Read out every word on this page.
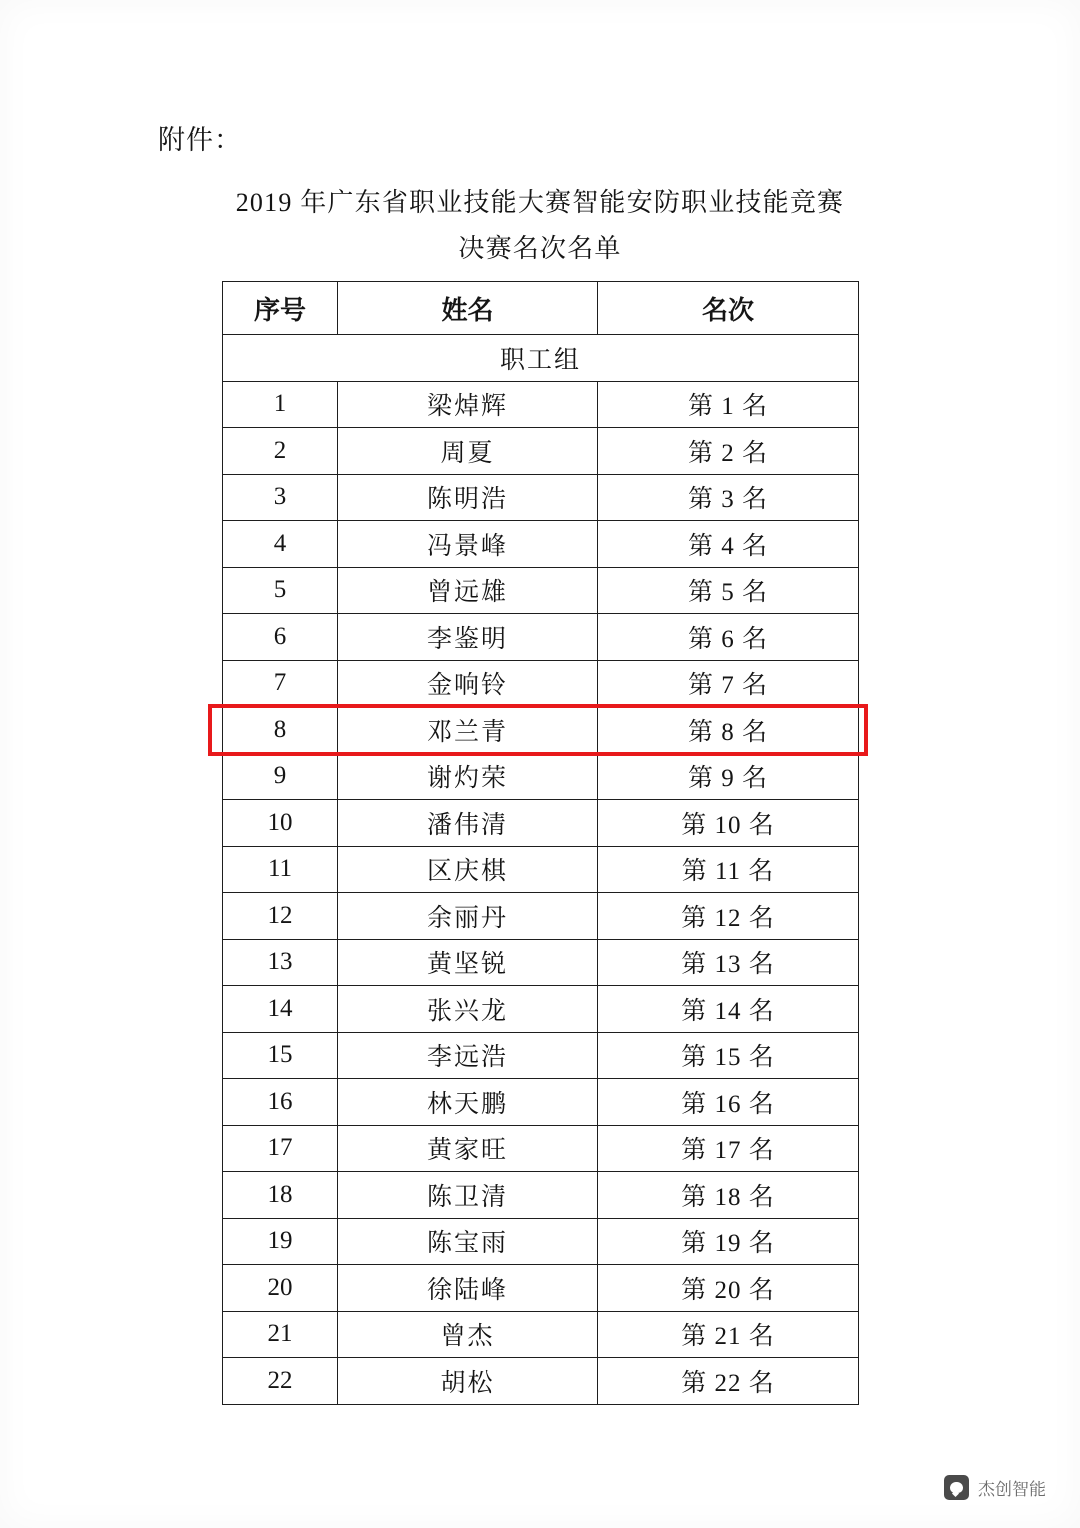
附件：
2019 年广东省职业技能大赛智能安防职业技能竞赛
决赛名次名单
序号	姓名	名次
职工组		
1	梁焯辉	第 1 名
2	周夏	第 2 名
3	陈明浩	第 3 名
4	冯景峰	第 4 名
5	曾远雄	第 5 名
6	李鉴明	第 6 名
7	金响铃	第 7 名
8	邓兰青	第 8 名
9	谢灼荣	第 9 名
10	潘伟清	第 10 名
11	区庆棋	第 11 名
12	余丽丹	第 12 名
13	黄坚锐	第 13 名
14	张兴龙	第 14 名
15	李远浩	第 15 名
16	林天鹏	第 16 名
17	黄家旺	第 17 名
18	陈卫清	第 18 名
19	陈宝雨	第 19 名
20	徐陆峰	第 20 名
21	曾杰	第 21 名
22	胡松	第 22 名
杰创智能
